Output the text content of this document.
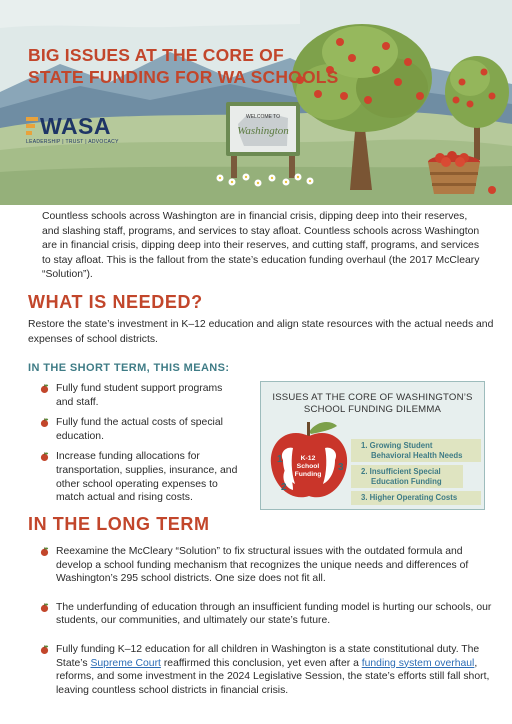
WELCOME TO
Washington
BIG ISSUES AT THE CORE OF
STATE FUNDING FOR WA SCHOOLS
WASA
LEADERSHIP | TRUST | ADVOCACY

Countless schools across Washington are in financial crisis, dipping deep into their reserves, and slashing staff, programs, and services to stay afloat. Countless schools across Washington are in financial crisis, dipping deep into their reserves, and cutting staff, programs, and services to stay afloat. This is the fallout from the state’s education funding overhaul (the 2017 McCleary “Solution”).

WHAT IS NEEDED?

Restore the state’s investment in K–12 education and align state resources with the actual needs and expenses of school districts.

IN THE SHORT TERM, THIS MEANS:
Fully fund student support programs and staff.
Fully fund the actual costs of special education.
Increase funding allocations for transportation, supplies, insurance, and other school operating expenses to match actual and rising costs.
ISSUES AT THE CORE OF WASHINGTON’S
SCHOOL FUNDING DILEMMA
K-12
School
Funding
1
2
3
1. Growing Student
Behavioral Health Needs
2. Insufficient Special
Education Funding
3. Higher Operating Costs
IN THE LONG TERM
Reexamine the McCleary “Solution” to fix structural issues with the outdated formula and develop a school funding mechanism that recognizes the unique needs and differences of Washington’s 295 school districts. One size does not fit all.
The underfunding of education through an insufficient funding model is hurting our schools, our students, our communities, and ultimately our state’s future.
Fully funding K–12 education for all children in Washington is a state constitutional duty. The State’s Supreme Court reaffirmed this conclusion, yet even after a funding system overhaul, reforms, and some investment in the 2024 Legislative Session, the state’s efforts still fall short, leaving countless school districts in financial crisis.
